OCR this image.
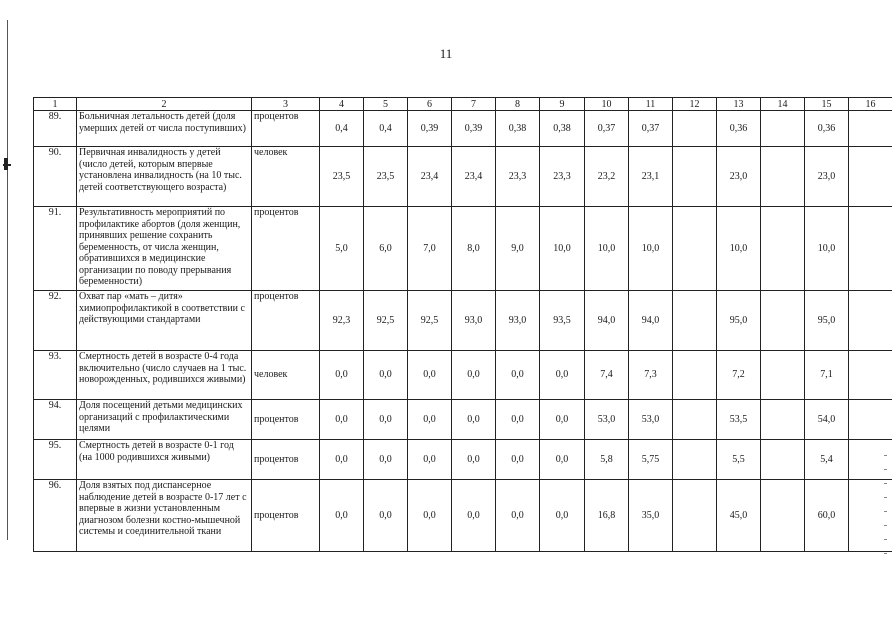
11
1	2	3	4	5	6	7	8	9	10	11	12	13	14	15	16
89.	Больничная летальность детей (доля умерших детей от числа поступивших)	процентов	0,4	0,4	0,39	0,39	0,38	0,38	0,37	0,37		0,36		0,36	
90.	Первичная инвалидность у детей (число детей, которым впервые установлена инвалидность (на 10 тыс. детей соответствующего возраста)	человек	23,5	23,5	23,4	23,4	23,3	23,3	23,2	23,1		23,0		23,0	
91.	Результативность мероприятий по профилактике абортов (доля женщин, принявших решение сохранить беременность, от числа женщин, обратившихся в медицинские организации по поводу прерывания беременности)	процентов	5,0	6,0	7,0	8,0	9,0	10,0	10,0	10,0		10,0		10,0	
92.	Охват пар «мать – дитя» химиопрофилактикой в соответствии с действующими стандартами	процентов	92,3	92,5	92,5	93,0	93,0	93,5	94,0	94,0		95,0		95,0	
93.	Смертность детей в возрасте 0-4 года включительно (число случаев на 1 тыс. новорожденных, родившихся живыми)	человек	0,0	0,0	0,0	0,0	0,0	0,0	7,4	7,3		7,2		7,1	
94.	Доля посещений детьми медицинских организаций с профилактическими целями	процентов	0,0	0,0	0,0	0,0	0,0	0,0	53,0	53,0		53,5		54,0	
95.	Смертность детей в возрасте 0-1 год (на 1000 родившихся живыми)	процентов	0,0	0,0	0,0	0,0	0,0	0,0	5,8	5,75		5,5		5,4	
96.	Доля взятых под диспансерное наблюдение детей в возрасте 0-17 лет с впервые в жизни установленным диагнозом болезни костно-мышечной системы и соединительной ткани	процентов	0,0	0,0	0,0	0,0	0,0	0,0	16,8	35,0		45,0		60,0	
